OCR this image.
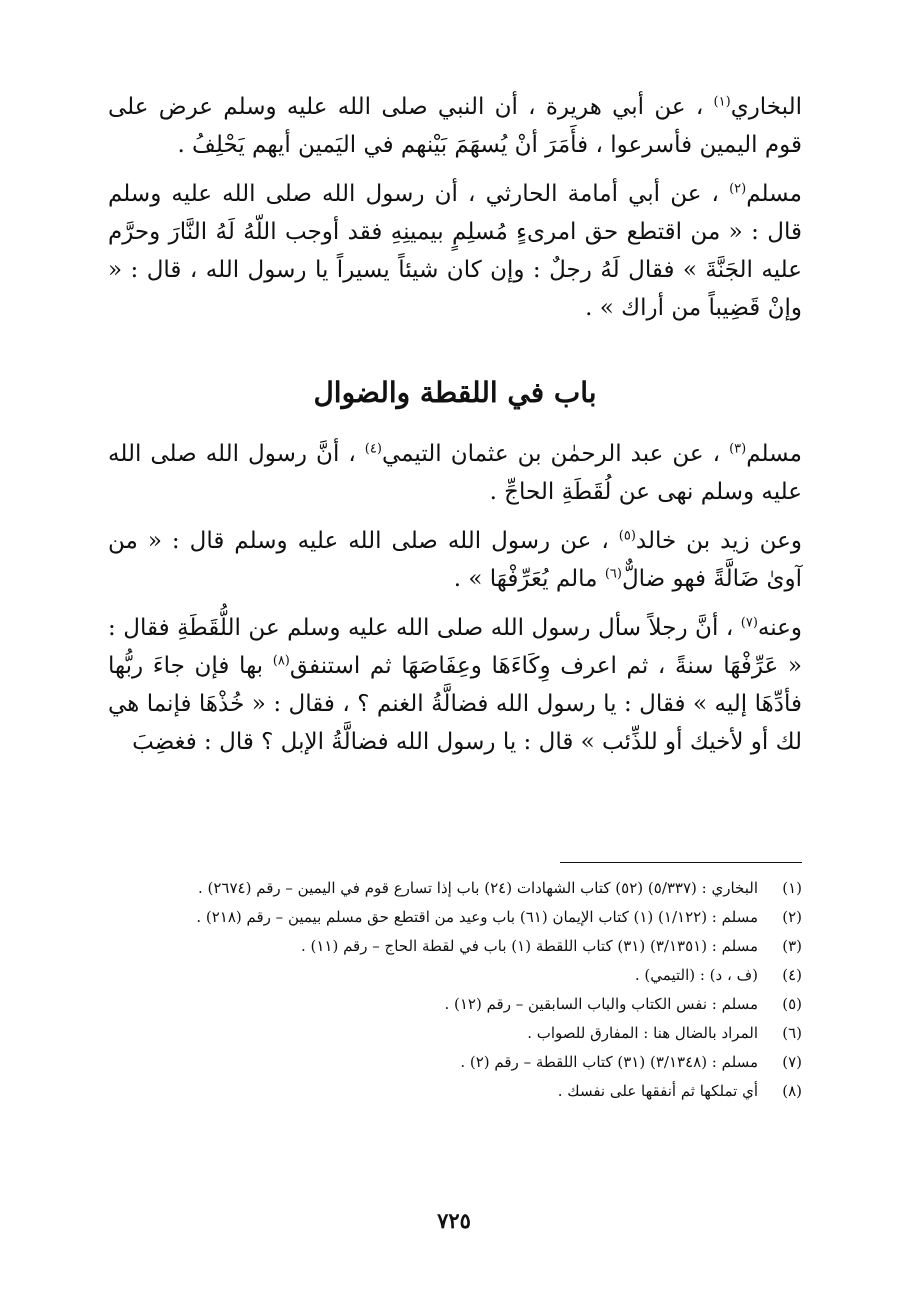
البخاري$^{(١)}$ ، عن أبي هريرة ، أن النبي صلى الله عليه وسلم عرض على قوم اليمين فأسرعوا ، فأَمَرَ أنْ يُسهَمَ بَيْنهم في اليَمين أيهم يَحْلِفُ .

مسلم$^{(٢)}$ ، عن أبي أمامة الحارثي ، أن رسول الله صلى الله عليه وسلم قال : « من اقتطع حق امرىءٍ مُسلِمٍ بيمينِهِ فقد أوجب اللّهُ لَهُ النَّارَ وحرَّم عليه الجَنَّةَ » فقال لَهُ رجلٌ : وإن كان شيئاً يسيراً يا رسول الله ، قال : « وإنْ قَضِيباً من أراك » .

باب في اللقطة والضوال

مسلم$^{(٣)}$ ، عن عبد الرحمٰن بن عثمان التيمي$^{(٤)}$ ، أنَّ رسول الله صلى الله عليه وسلم نهى عن لُقَطَةِ الحاجِّ .

وعن زيد بن خالد$^{(٥)}$ ، عن رسول الله صلى الله عليه وسلم قال : « من آوىٰ ضَالَّةً فهو ضالٌّ$^{(٦)}$ مالم يُعَرِّفْهَا » .

وعنه$^{(٧)}$ ، أنَّ رجلاً سأل رسول الله صلى الله عليه وسلم عن اللُّقَطَةِ فقال : « عَرِّفْهَا سنةً ، ثم اعرف وِكَاءَهَا وعِفَاصَهَا ثم استنفق$^{(٨)}$ بها فإن جاءَ ربُّها فأدِّهَا إليه » فقال : يا رسول الله فضالَّةُ الغنم ؟ ، فقال : « خُذْهَا فإنما هي لك أو لأخيك أو للذِّئب » قال : يا رسول الله فضالَّةُ الإبل ؟ قال : فغضِبَ

(١)
البخاري : (٥/٣٣٧) (٥٢) كتاب الشهادات (٢٤) باب إذا تسارع قوم في اليمين – رقم (٢٦٧٤) .
(٢)
مسلم : (١/١٢٢) (١) كتاب الإيمان (٦١) باب وعيد من اقتطع حق مسلم بيمين – رقم (٢١٨) .
(٣)
مسلم : (٣/١٣٥١) (٣١) كتاب اللقطة (١) باب في لقطة الحاج – رقم (١١) .
(٤)
(ف ، د) : (التيمي) .
(٥)
مسلم : نفس الكتاب والباب السابقين – رقم (١٢) .
(٦)
المراد بالضال هنا : المفارق للصواب .
(٧)
مسلم : (٣/١٣٤٨) (٣١) كتاب اللقطة – رقم (٢) .
(٨)
أي تملكها ثم أنفقها على نفسك .
٧٢٥
